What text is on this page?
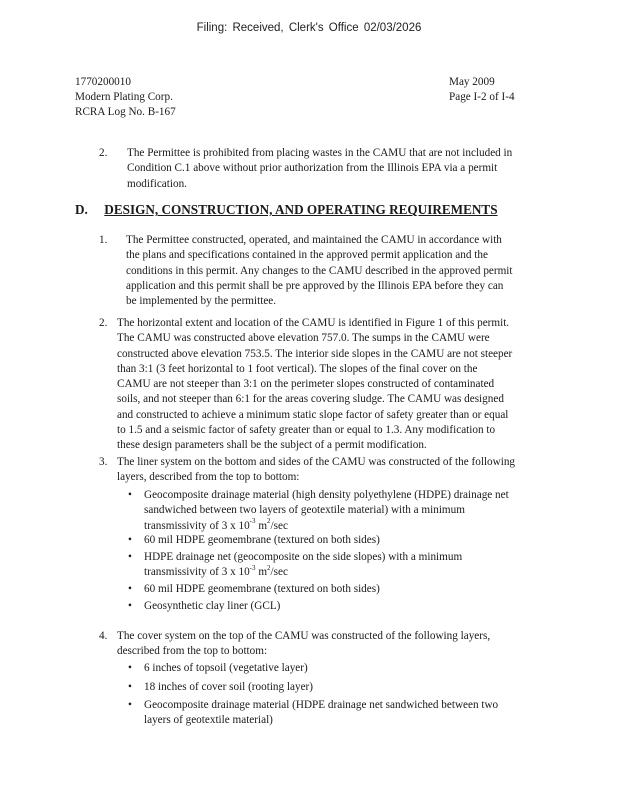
Filing: Received, Clerk's Office 02/03/2026
1770200010
Modern Plating Corp.
RCRA Log No. B-167
May 2009
Page I-2 of I-4
2. The Permittee is prohibited from placing wastes in the CAMU that are not included in
Condition C.1 above without prior authorization from the Illinois EPA via a permit
modification.
D. DESIGN, CONSTRUCTION, AND OPERATING REQUIREMENTS
1. The Permittee constructed, operated, and maintained the CAMU in accordance with
the plans and specifications contained in the approved permit application and the
conditions in this permit. Any changes to the CAMU described in the approved permit
application and this permit shall be pre approved by the Illinois EPA before they can
be implemented by the permittee.
2. The horizontal extent and location of the CAMU is identified in Figure 1 of this permit.
The CAMU was constructed above elevation 757.0. The sumps in the CAMU were
constructed above elevation 753.5. The interior side slopes in the CAMU are not steeper
than 3:1 (3 feet horizontal to 1 foot vertical). The slopes of the final cover on the
CAMU are not steeper than 3:1 on the perimeter slopes constructed of contaminated
soils, and not steeper than 6:1 for the areas covering sludge. The CAMU was designed
and constructed to achieve a minimum static slope factor of safety greater than or equal
to 1.5 and a seismic factor of safety greater than or equal to 1.3. Any modification to
these design parameters shall be the subject of a permit modification.
3. The liner system on the bottom and sides of the CAMU was constructed of the following
layers, described from the top to bottom:
• Geocomposite drainage material (high density polyethylene (HDPE) drainage net
sandwiched between two layers of geotextile material) with a minimum
transmissivity of 3 x $10^{-3}$ $m^2/\sec$
• 60 mil HDPE geomembrane (textured on both sides)
• HDPE drainage net (geocomposite on the side slopes) with a minimum
transmissivity of 3 x $10^{-3}$ $m^2/\sec$
• 60 mil HDPE geomembrane (textured on both sides)
• Geosynthetic clay liner (GCL)
4. The cover system on the top of the CAMU was constructed of the following layers,
described from the top to bottom:
• 6 inches of topsoil (vegetative layer)
• 18 inches of cover soil (rooting layer)
• Geocomposite drainage material (HDPE drainage net sandwiched between two
layers of geotextile material)
